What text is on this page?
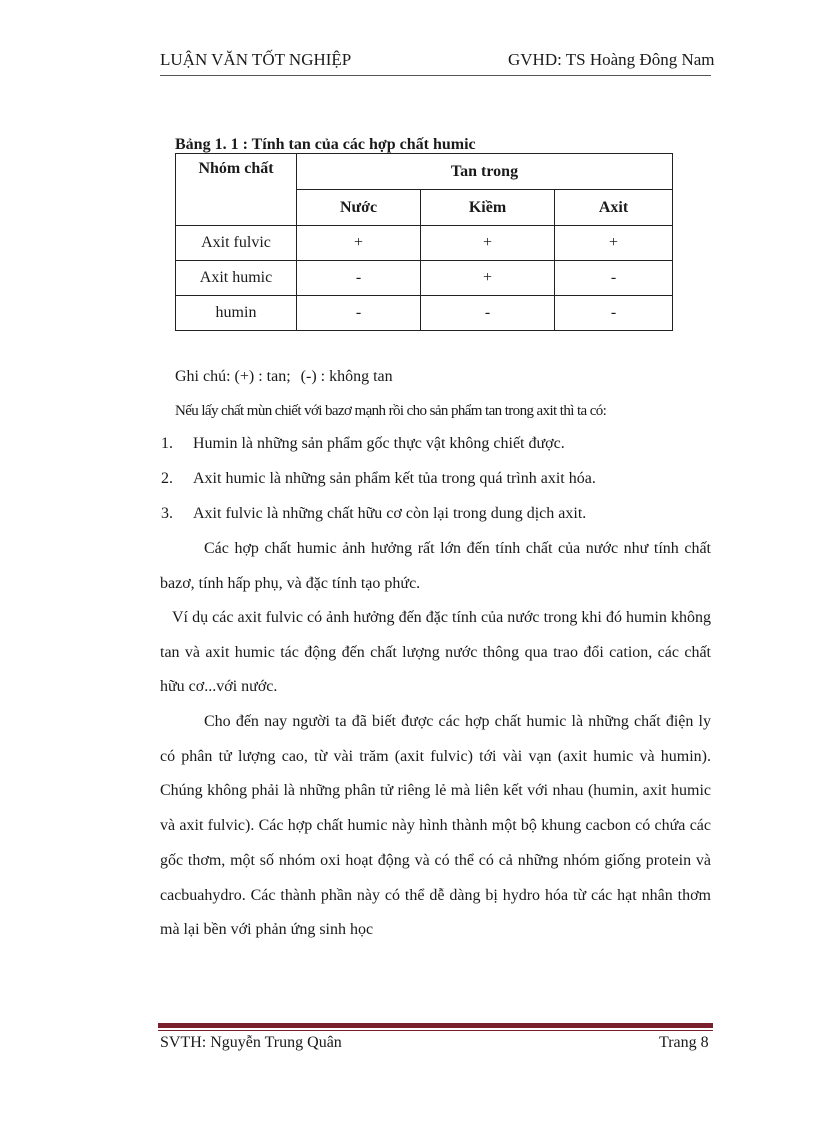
LUẬN VĂN TỐT NGHIỆP	GVHD: TS Hoàng Đông Nam
Bảng 1. 1 : Tính tan của các hợp chất humic
Nhóm chất	Tan trong		
	Nước	Kiềm	Axit
Axit fulvic	+	+	+
Axit humic	-	+	-
humin	-	-	-
Ghi chú: (+) : tan; (-) : không tan
Nếu lấy chất mùn chiết với bazơ mạnh rồi cho sản phẩm tan trong axit thì ta có:
1. Humin là những sản phẩm gốc thực vật không chiết được.
2. Axit humic là những sản phẩm kết tủa trong quá trình axit hóa.
3. Axit fulvic là những chất hữu cơ còn lại trong dung dịch axit.

Các hợp chất humic ảnh hưởng rất lớn đến tính chất của nước như tính chất bazơ, tính hấp phụ, và đặc tính tạo phức.

Ví dụ các axit fulvic có ảnh hưởng đến đặc tính của nước trong khi đó humin không tan và axit humic tác động đến chất lượng nước thông qua trao đổi cation, các chất hữu cơ...với nước.

Cho đến nay người ta đã biết được các hợp chất humic là những chất điện ly có phân tử lượng cao, từ vài trăm (axit fulvic) tới vài vạn (axit humic và humin). Chúng không phải là những phân tử riêng lẻ mà liên kết với nhau (humin, axit humic và axit fulvic). Các hợp chất humic này hình thành một bộ khung cacbon có chứa các gốc thơm, một số nhóm oxi hoạt động và có thể có cả những nhóm giống protein và cacbuahydro. Các thành phần này có thể dễ dàng bị hydro hóa từ các hạt nhân thơm mà lại bền với phản ứng sinh học

SVTH: Nguyễn Trung Quân	Trang 8
